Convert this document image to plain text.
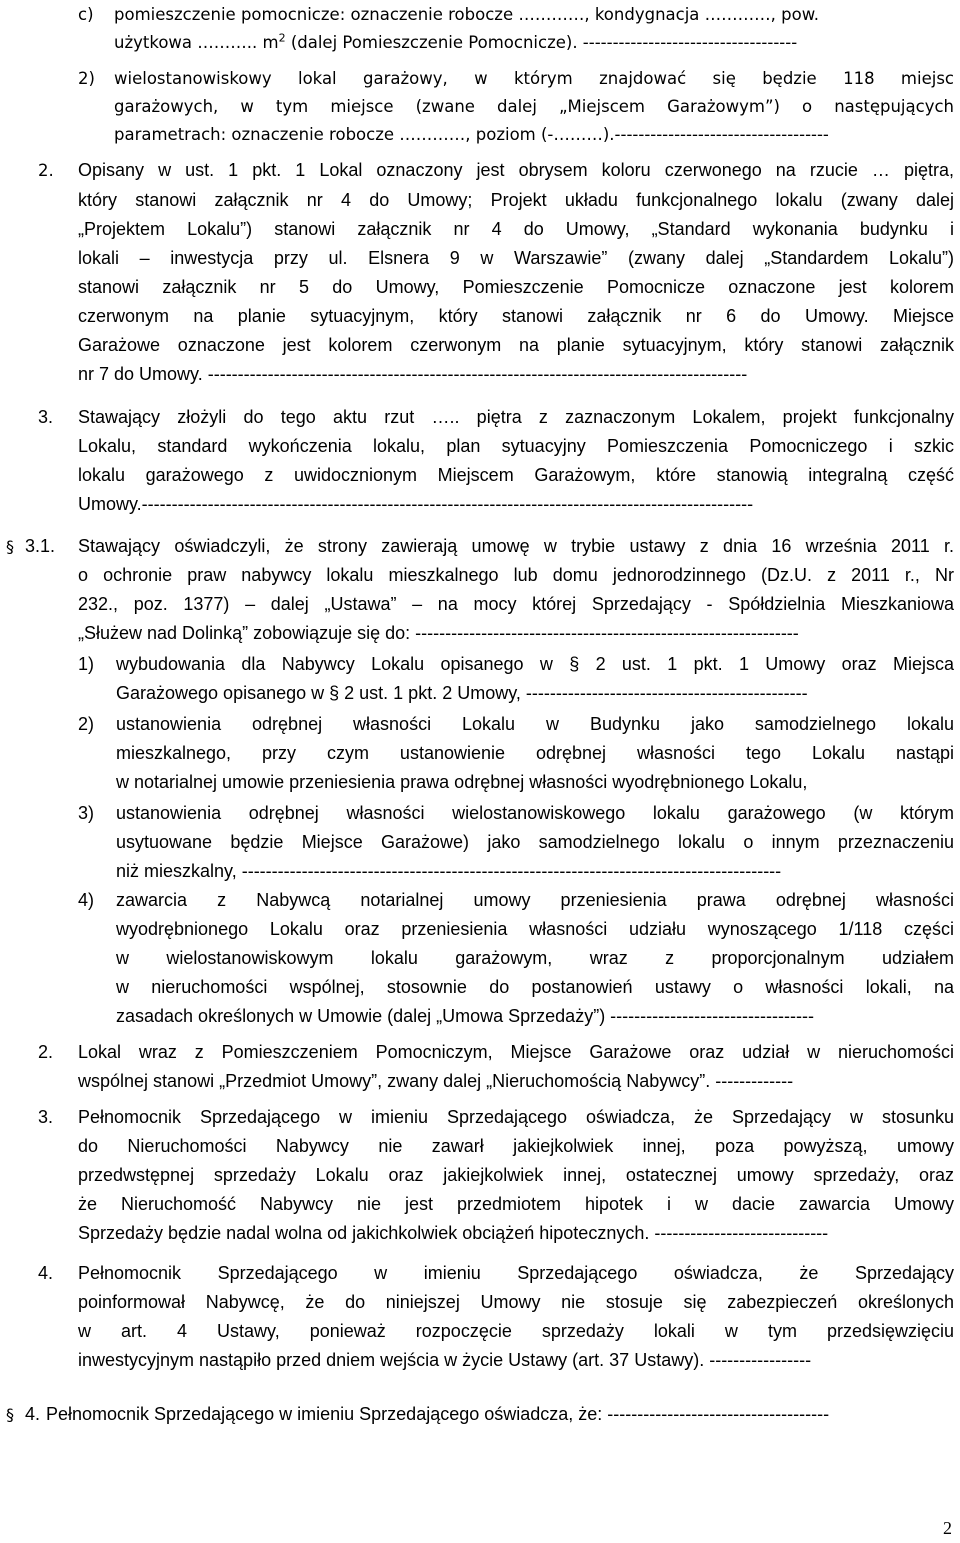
c) pomieszczenie pomocnicze: oznaczenie robocze …………, kondygnacja …………, pow.
użytkowa ……….. $m^2$ (dalej Pomieszczenie Pomocnicze). ------------------------------------
2) wielostanowiskowy lokal garażowy, w którym znajdować się będzie 118 miejsc
garażowych, w tym miejsce (zwane dalej „Miejscem Garażowym”) o następujących
parametrach: oznaczenie robocze …………, poziom (-………).------------------------------------
2. Opisany w ust. 1 pkt. 1 Lokal oznaczony jest obrysem koloru czerwonego na rzucie … piętra,
który stanowi załącznik nr 4 do Umowy; Projekt układu funkcjonalnego lokalu (zwany dalej
„Projektem Lokalu”) stanowi załącznik nr 4 do Umowy, „Standard wykonania budynku i
lokali – inwestycja przy ul. Elsnera 9 w Warszawie” (zwany dalej „Standardem Lokalu”)
stanowi załącznik nr 5 do Umowy, Pomieszczenie Pomocnicze oznaczone jest kolorem
czerwonym na planie sytuacyjnym, który stanowi załącznik nr 6 do Umowy. Miejsce
Garażowe oznaczone jest kolorem czerwonym na planie sytuacyjnym, który stanowi załącznik
nr 7 do Umowy. ------------------------------------------------------------------------------------------
3. Stawający złożyli do tego aktu rzut ….. piętra z zaznaczonym Lokalem, projekt funkcjonalny
Lokalu, standard wykończenia lokalu, plan sytuacyjny Pomieszczenia Pomocniczego i szkic
lokalu garażowego z uwidocznionym Miejscem Garażowym, które stanowią integralną część
Umowy.------------------------------------------------------------------------------------------------------
§ 3.1. Stawający oświadczyli, że strony zawierają umowę w trybie ustawy z dnia 16 września 2011 r.
o ochronie praw nabywcy lokalu mieszkalnego lub domu jednorodzinnego (Dz.U. z 2011 r., Nr
232., poz. 1377) – dalej „Ustawa” – na mocy której Sprzedający - Spółdzielnia Mieszkaniowa
„Służew nad Dolinką” zobowiązuje się do: ----------------------------------------------------------------
1) wybudowania dla Nabywcy Lokalu opisanego w § 2 ust. 1 pkt. 1 Umowy oraz Miejsca
Garażowego opisanego w § 2 ust. 1 pkt. 2 Umowy, -----------------------------------------------
2) ustanowienia odrębnej własności Lokalu w Budynku jako samodzielnego lokalu
mieszkalnego, przy czym ustanowienie odrębnej własności tego Lokalu nastąpi
w notarialnej umowie przeniesienia prawa odrębnej własności wyodrębnionego Lokalu,
3) ustanowienia odrębnej własności wielostanowiskowego lokalu garażowego (w którym
usytuowane będzie Miejsce Garażowe) jako samodzielnego lokalu o innym przeznaczeniu
niż mieszkalny, ------------------------------------------------------------------------------------------
4) zawarcia z Nabywcą notarialnej umowy przeniesienia prawa odrębnej własności
wyodrębnionego Lokalu oraz przeniesienia własności udziału wynoszącego 1/118 części
w wielostanowiskowym lokalu garażowym, wraz z proporcjonalnym udziałem
w nieruchomości wspólnej, stosownie do postanowień ustawy o własności lokali, na
zasadach określonych w Umowie (dalej „Umowa Sprzedaży”) ----------------------------------
2. Lokal wraz z Pomieszczeniem Pomocniczym, Miejsce Garażowe oraz udział w nieruchomości
wspólnej stanowi „Przedmiot Umowy”, zwany dalej „Nieruchomością Nabywcy”. -------------
3. Pełnomocnik Sprzedającego w imieniu Sprzedającego oświadcza, że Sprzedający w stosunku
do Nieruchomości Nabywcy nie zawarł jakiejkolwiek innej, poza powyższą, umowy
przedwstępnej sprzedaży Lokalu oraz jakiejkolwiek innej, ostatecznej umowy sprzedaży, oraz
że Nieruchomość Nabywcy nie jest przedmiotem hipotek i w dacie zawarcia Umowy
Sprzedaży będzie nadal wolna od jakichkolwiek obciążeń hipotecznych. -----------------------------
4. Pełnomocnik Sprzedającego w imieniu Sprzedającego oświadcza, że Sprzedający
poinformował Nabywcę, że do niniejszej Umowy nie stosuje się zabezpieczeń określonych
w art. 4 Ustawy, ponieważ rozpoczęcie sprzedaży lokali w tym przedsięwzięciu
inwestycyjnym nastąpiło przed dniem wejścia w życie Ustawy (art. 37 Ustawy). -----------------
§ 4. Pełnomocnik Sprzedającego w imieniu Sprzedającego oświadcza, że: -------------------------------------
2
